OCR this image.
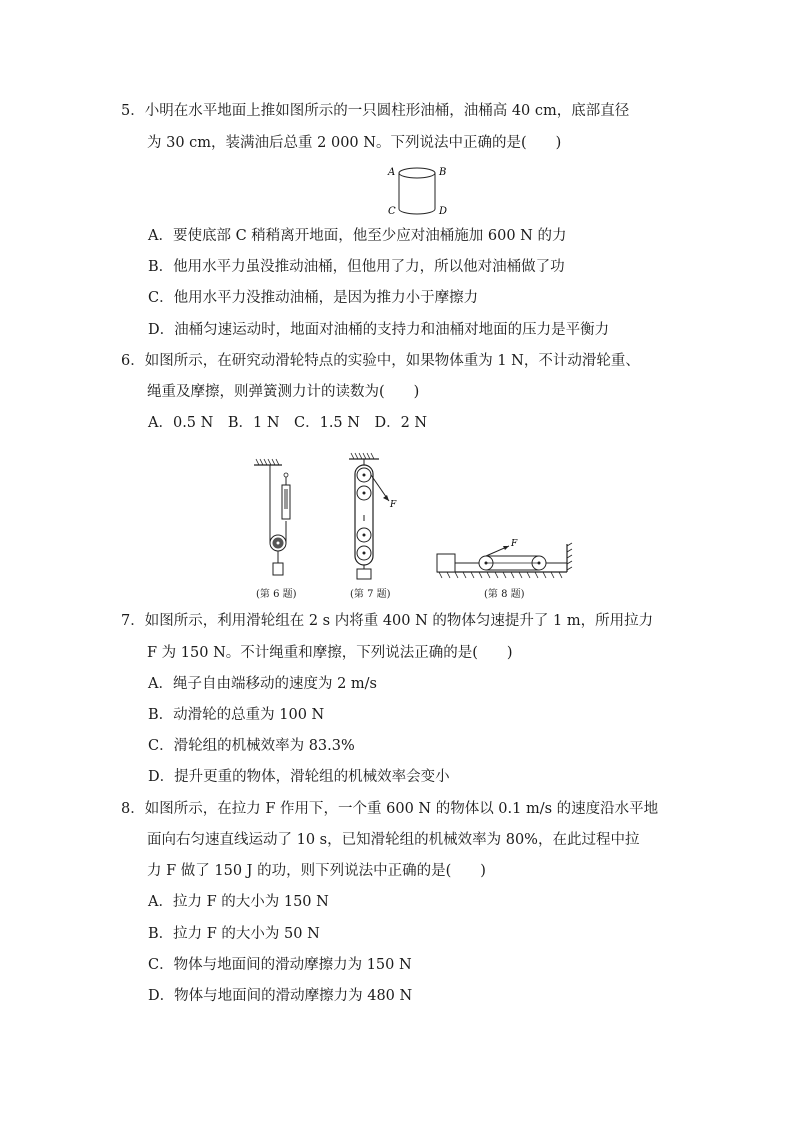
5．小明在水平地面上推如图所示的一只圆柱形油桶，油桶高 40 cm，底部直径
为 30 cm，装满油后总重 2 000 N。下列说法中正确的是(　　)
A	B
C	D
A．要使底部 C 稍稍离开地面，他至少应对油桶施加 600 N 的力
B．他用水平力虽没推动油桶，但他用了力，所以他对油桶做了功
C．他用水平力没推动油桶，是因为推力小于摩擦力
D．油桶匀速运动时，地面对油桶的支持力和油桶对地面的压力是平衡力
6．如图所示，在研究动滑轮特点的实验中，如果物体重为 1 N，不计动滑轮重、
绳重及摩擦，则弹簧测力计的读数为(　　)
A．0.5 N　B．1 N　C．1.5 N　D．2 N
(第 6 题)
F
(第 7 题)
F
(第 8 题)
7．如图所示，利用滑轮组在 2 s 内将重 400 N 的物体匀速提升了 1 m，所用拉力
F 为 150 N。不计绳重和摩擦，下列说法正确的是(　　)
A．绳子自由端移动的速度为 2 m/s
B．动滑轮的总重为 100 N
C．滑轮组的机械效率为 83.3%
D．提升更重的物体，滑轮组的机械效率会变小
8．如图所示，在拉力 F 作用下，一个重 600 N 的物体以 0.1 m/s 的速度沿水平地
面向右匀速直线运动了 10 s，已知滑轮组的机械效率为 80%，在此过程中拉
力 F 做了 150 J 的功，则下列说法中正确的是(　　)
A．拉力 F 的大小为 150 N
B．拉力 F 的大小为 50 N
C．物体与地面间的滑动摩擦力为 150 N
D．物体与地面间的滑动摩擦力为 480 N
